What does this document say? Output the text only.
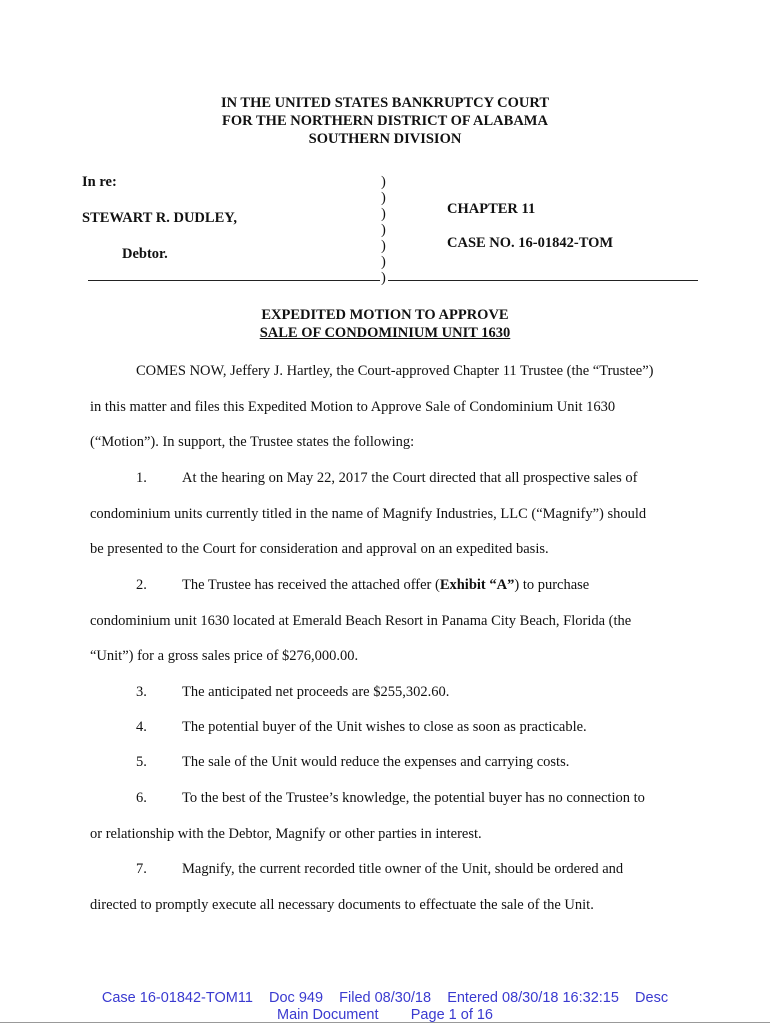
IN THE UNITED STATES BANKRUPTCY COURT
FOR THE NORTHERN DISTRICT OF ALABAMA
SOUTHERN DIVISION
In re:
STEWART R. DUDLEY,
Debtor.
)
)
)
)
)
)
)
CHAPTER 11
CASE NO. 16-01842-TOM
EXPEDITED MOTION TO APPROVE
SALE OF CONDOMINIUM UNIT 1630
COMES NOW, Jeffery J. Hartley, the Court-approved Chapter 11 Trustee (the “Trustee”)
in this matter and files this Expedited Motion to Approve Sale of Condominium Unit 1630
(“Motion”). In support, the Trustee states the following:
1. At the hearing on May 22, 2017 the Court directed that all prospective sales of
condominium units currently titled in the name of Magnify Industries, LLC (“Magnify”) should
be presented to the Court for consideration and approval on an expedited basis.
2. The Trustee has received the attached offer (Exhibit “A”) to purchase
condominium unit 1630 located at Emerald Beach Resort in Panama City Beach, Florida (the
“Unit”) for a gross sales price of $276,000.00.
3. The anticipated net proceeds are $255,302.60.
4. The potential buyer of the Unit wishes to close as soon as practicable.
5. The sale of the Unit would reduce the expenses and carrying costs.
6. To the best of the Trustee’s knowledge, the potential buyer has no connection to
or relationship with the Debtor, Magnify or other parties in interest.
7. Magnify, the current recorded title owner of the Unit, should be ordered and
directed to promptly execute all necessary documents to effectuate the sale of the Unit.
Case 16-01842-TOM11 Doc 949 Filed 08/30/18 Entered 08/30/18 16:32:15 Desc
Main Document Page 1 of 16
